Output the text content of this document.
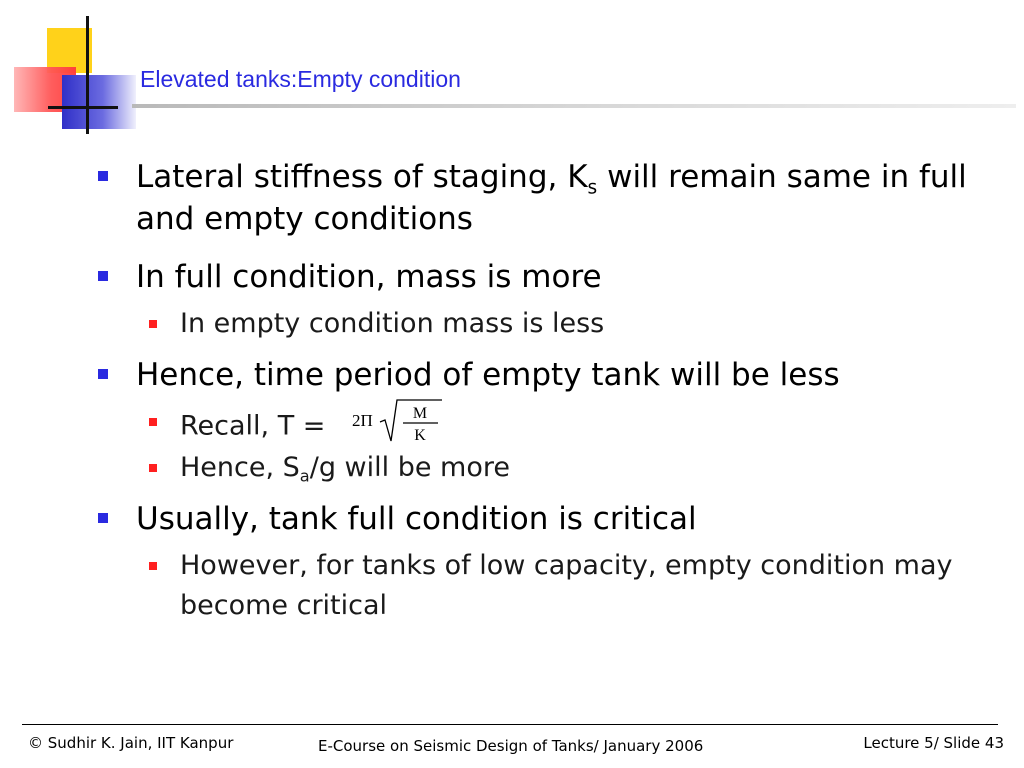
Elevated tanks:Empty condition
Lateral stiffness of staging, $K_s$ will remain same in full and empty conditions
In full condition, mass is more
In empty condition mass is less
Hence, time period of empty tank will be less
Recall, T = 2Π	M
K
Hence, $S_a/g$ will be more
Usually, tank full condition is critical
However, for tanks of low capacity, empty condition may become critical
© Sudhir K. Jain, IIT Kanpur	E-Course on Seismic Design of Tanks/ January 2006	Lecture 5/ Slide 43
